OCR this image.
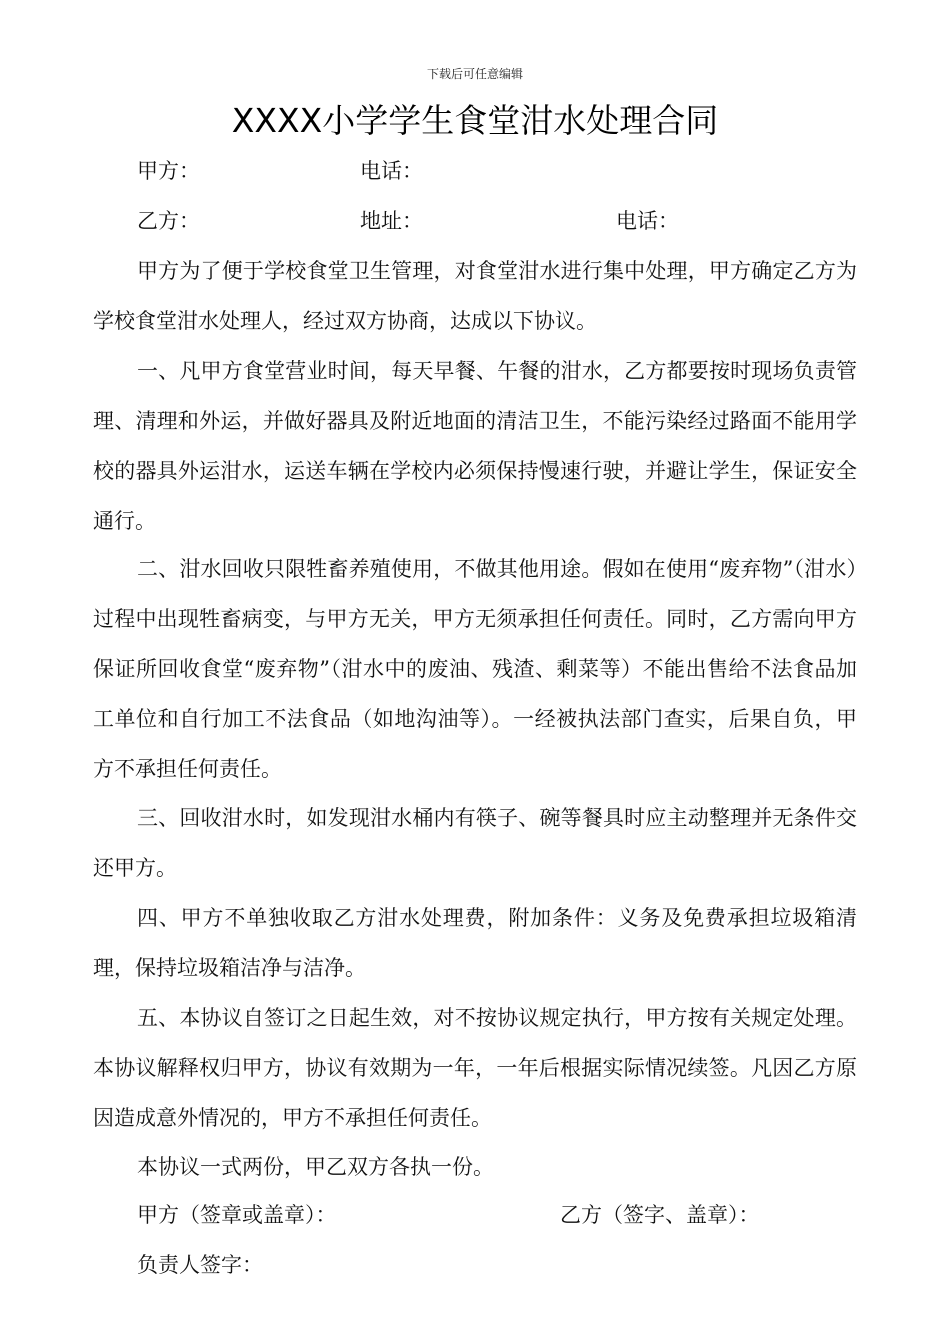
下载后可任意编辑
XXXX小学学生食堂泔水处理合同
甲方：	电话：
乙方：	地址：	电话：

甲方为了便于学校食堂卫生管理，对食堂泔水进行集中处理，甲方确定乙方为学校食堂泔水处理人，经过双方协商，达成以下协议。

一、凡甲方食堂营业时间，每天早餐、午餐的泔水，乙方都要按时现场负责管理、清理和外运，并做好器具及附近地面的清洁卫生，不能污染经过路面不能用学校的器具外运泔水，运送车辆在学校内必须保持慢速行驶，并避让学生，保证安全通行。

二、泔水回收只限牲畜养殖使用，不做其他用途。假如在使用“废弃物”（泔水）过程中出现牲畜病变，与甲方无关，甲方无须承担任何责任。同时，乙方需向甲方保证所回收食堂“废弃物”（泔水中的废油、残渣、剩菜等）不能出售给不法食品加工单位和自行加工不法食品（如地沟油等）。一经被执法部门查实，后果自负，甲方不承担任何责任。

三、回收泔水时，如发现泔水桶内有筷子、碗等餐具时应主动整理并无条件交还甲方。

四、甲方不单独收取乙方泔水处理费，附加条件：义务及免费承担垃圾箱清理，保持垃圾箱洁净与洁净。

五、本协议自签订之日起生效，对不按协议规定执行，甲方按有关规定处理。本协议解释权归甲方，协议有效期为一年，一年后根据实际情况续签。凡因乙方原因造成意外情况的，甲方不承担任何责任。

本协议一式两份，甲乙双方各执一份。

甲方（签章或盖章）：	乙方（签字、盖章）：
负责人签字：
